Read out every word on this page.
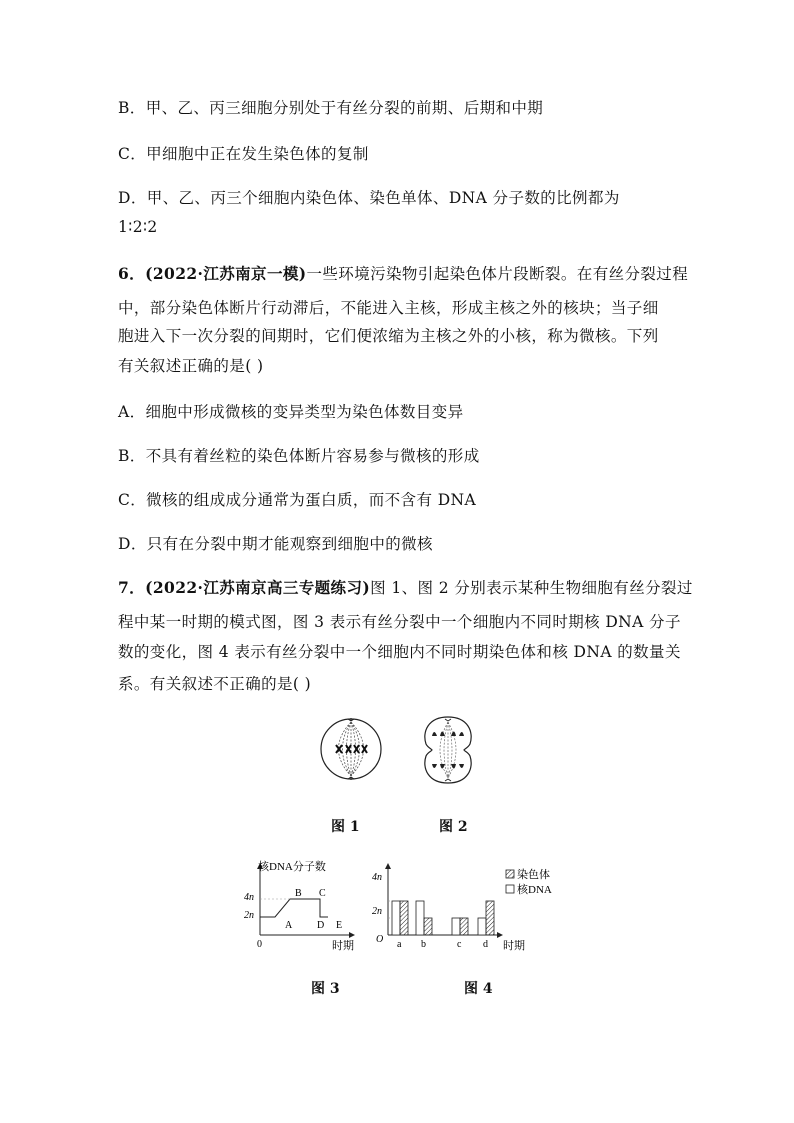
B．甲、乙、丙三细胞分别处于有丝分裂的前期、后期和中期
C．甲细胞中正在发生染色体的复制
D．甲、乙、丙三个细胞内染色体、染色单体、DNA 分子数的比例都为
1∶2∶2
6．(2022·江苏南京一模)一些环境污染物引起染色体片段断裂。在有丝分裂过程
中，部分染色体断片行动滞后，不能进入主核，形成主核之外的核块；当子细
胞进入下一次分裂的间期时，它们便浓缩为主核之外的小核，称为微核。下列
有关叙述正确的是( )
A．细胞中形成微核的变异类型为染色体数目变异
B．不具有着丝粒的染色体断片容易参与微核的形成
C．微核的组成成分通常为蛋白质，而不含有 DNA
D．只有在分裂中期才能观察到细胞中的微核
7．(2022·江苏南京高三专题练习)图 1、图 2 分别表示某种生物细胞有丝分裂过
程中某一时期的模式图，图 3 表示有丝分裂中一个细胞内不同时期核 DNA 分子
数的变化，图 4 表示有丝分裂中一个细胞内不同时期染色体和核 DNA 的数量关
系。有关叙述不正确的是( )
图 1	图 2
核DNA分子数
4n
2n
0	时期
A
B C
D E
4n
2n
O
时期
a b	c d
染色体
核DNA
图 3	图 4
